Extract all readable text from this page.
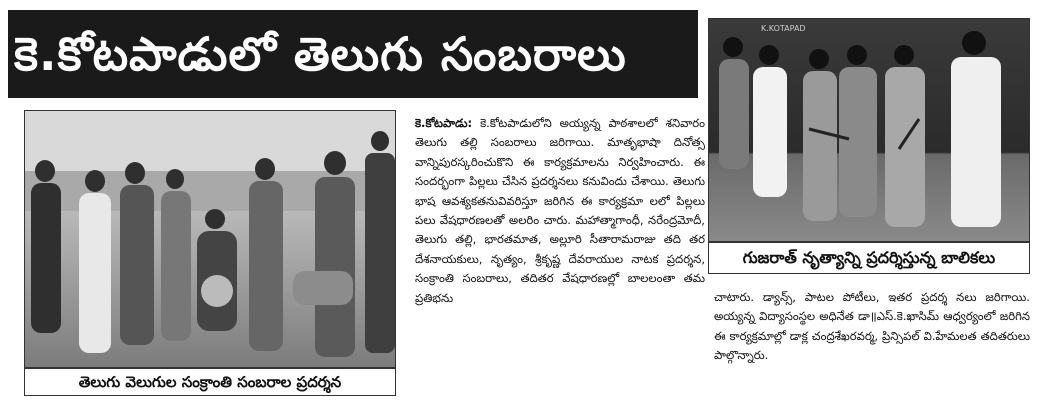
కె.కోటపాడులో తెలుగు సంబరాలు
తెలుగు వెలుగుల సంక్రాంతి సంబరాల ప్రదర్శన
కె.కోటపాడు: కె.కోటపాడులోని అయ్యన్న పాఠశాలలో శనివారం తెలుగు తల్లి సంబరాలు జరిగాయి. మాతృభాషా దినోత్స వాన్నిపురస్కరించుకొని ఈ కార్యక్రమాలను నిర్వహించారు. ఈ సందర్భంగా పిల్లలు చేసిన ప్రదర్శనలు కనువిందు చేశాయి. తెలుగు భాష ఆవశ్యకతనువివరిస్తూ జరిగిన ఈ కార్యక్రమా లలో పిల్లలు పలు వేషధారణలతో అలరిం చారు. మహాత్మాగాంధీ, నరేంద్రమోదీ, తెలుగు తల్లి, భారతమాత, అల్లూరి సీతారామరాజు తది తర దేశనాయకులు, నృత్యం, శ్రీకృష్ణ దేవరాయుల నాటక ప్రదర్శన, సంక్రాంతి సంబరాలు, తదితర వేషధారణల్లో బాలలంతా తమ ప్రతిభను
K.KOTAPAD
గుజరాత్ నృత్యాన్ని ప్రదర్శిస్తున్న బాలికలు
చాటారు. డ్యాన్స్, పాటల పోటీలు, ఇతర ప్రదర్శ నలు జరిగాయి. అయ్యన్న విద్యాసంస్థల అధినేత డా॥ఎస్.కె.ఖాసిమ్ ఆధ్వర్యంలో జరిగిన ఈ కార్యక్రమాల్లో డాక్ల చంద్రశేఖరవర్మ, ప్రిన్సిపల్ వి.హేమలత తదితరులు పాల్గొన్నారు.
